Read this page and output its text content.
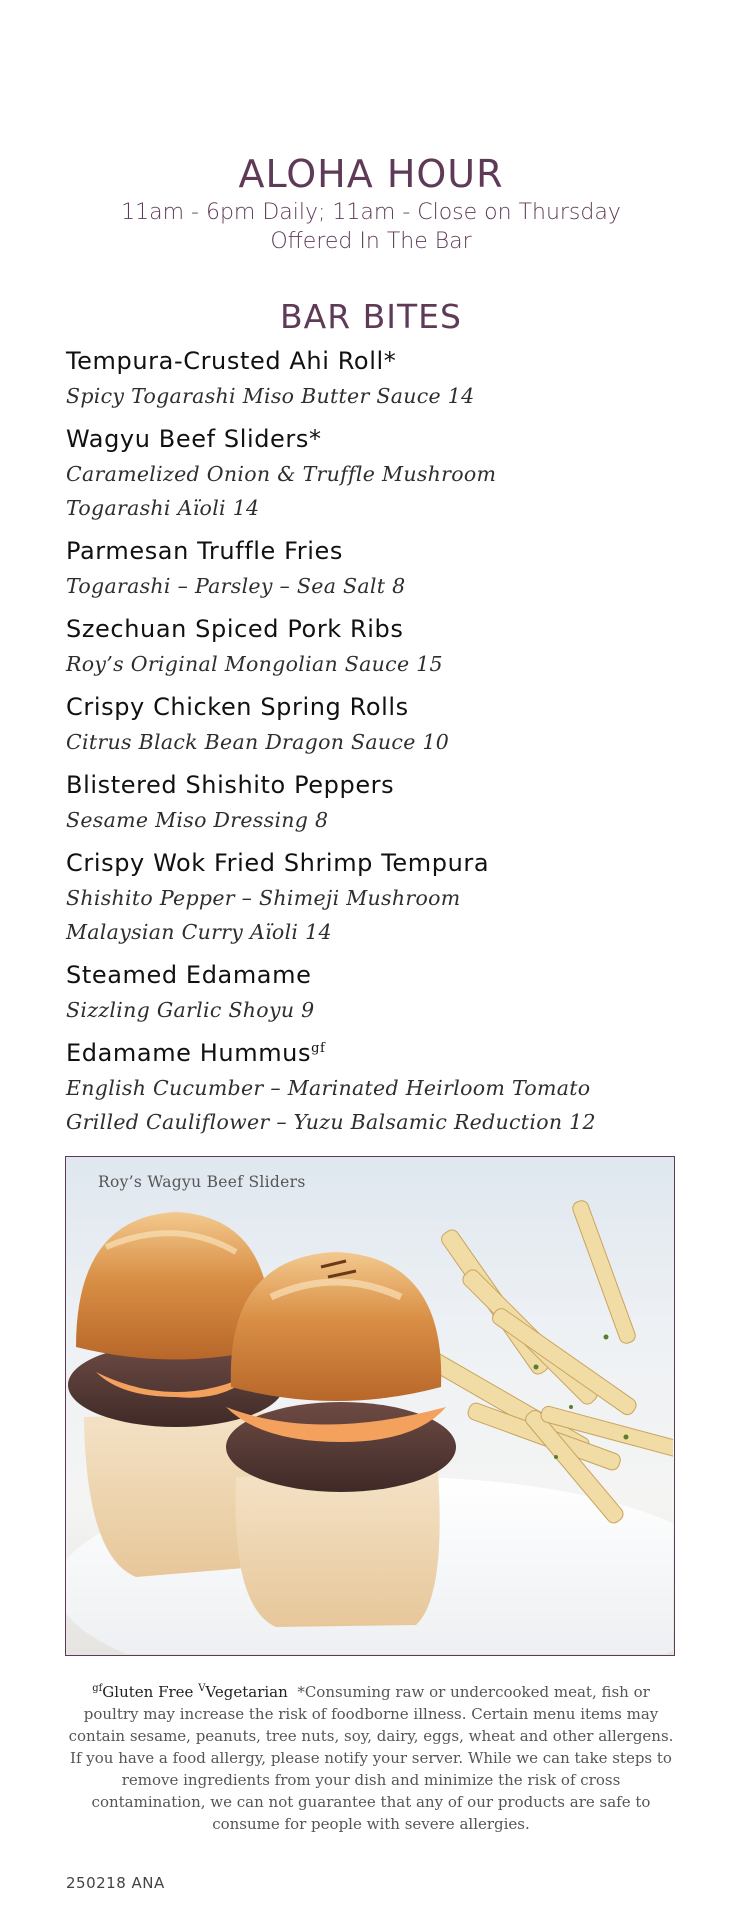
ALOHA HOUR
11am - 6pm Daily; 11am - Close on Thursday
Offered In The Bar
BAR BITES
Tempura-Crusted Ahi Roll*
Spicy Togarashi Miso Butter Sauce 14
Wagyu Beef Sliders*
Caramelized Onion & Truffle Mushroom
Togarashi Aïoli 14
Parmesan Truffle Fries
Togarashi – Parsley – Sea Salt 8
Szechuan Spiced Pork Ribs
Roy’s Original Mongolian Sauce 15
Crispy Chicken Spring Rolls
Citrus Black Bean Dragon Sauce 10
Blistered Shishito Peppers
Sesame Miso Dressing 8
Crispy Wok Fried Shrimp Tempura
Shishito Pepper – Shimeji Mushroom
Malaysian Curry Aïoli 14
Steamed Edamame
Sizzling Garlic Shoyu 9
Edamame Hummus$^{gf}$
English Cucumber – Marinated Heirloom Tomato
Grilled Cauliflower – Yuzu Balsamic Reduction 12
Roy’s Wagyu Beef Sliders
$^{gf}$Gluten Free $^V$Vegetarian *Consuming raw or undercooked meat, fish or poultry may increase the risk of foodborne illness. Certain menu items may contain sesame, peanuts, tree nuts, soy, dairy, eggs, wheat and other allergens. If you have a food allergy, please notify your server. While we can take steps to remove ingredients from your dish and minimize the risk of cross contamination, we can not guarantee that any of our products are safe to consume for people with severe allergies.
250218 ANA
